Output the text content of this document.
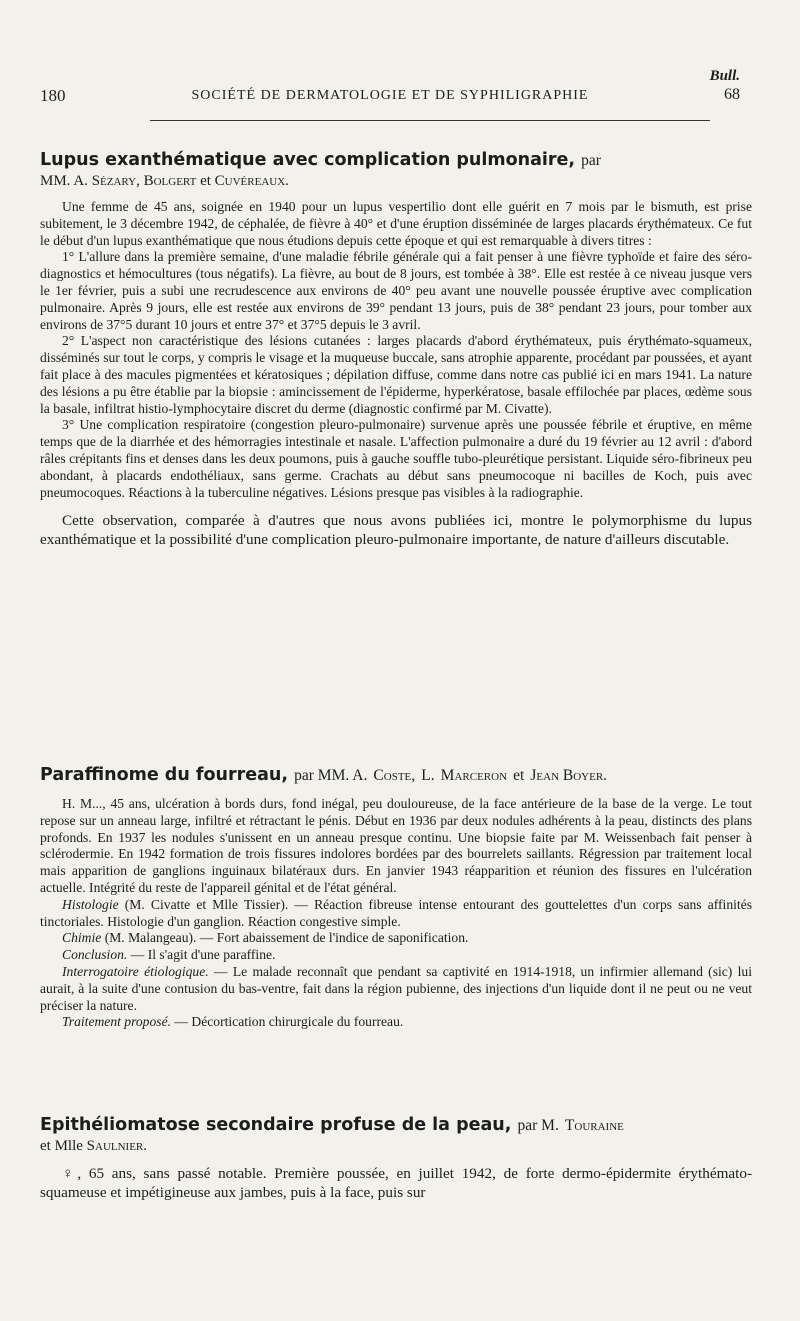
Bull.
180	SOCIÉTÉ DE DERMATOLOGIE ET DE SYPHILIGRAPHIE	68

Lupus exanthématique avec complication pulmonaire, par

MM. A. Sézary, Bolgert et Cuvéreaux.

Une femme de 45 ans, soignée en 1940 pour un lupus vespertilio dont elle guérit en 7 mois par le bismuth, est prise subitement, le 3 décembre 1942, de céphalée, de fièvre à 40° et d'une éruption disséminée de larges placards érythémateux. Ce fut le début d'un lupus exanthématique que nous étudions depuis cette époque et qui est remarquable à divers titres :

1° L'allure dans la première semaine, d'une maladie fébrile générale qui a fait penser à une fièvre typhoïde et faire des séro-diagnostics et hémocultures (tous négatifs). La fièvre, au bout de 8 jours, est tombée à 38°. Elle est restée à ce niveau jusque vers le 1er février, puis a subi une recrudescence aux environs de 40° peu avant une nouvelle poussée éruptive avec complication pulmonaire. Après 9 jours, elle est restée aux environs de 39° pendant 13 jours, puis de 38° pendant 23 jours, pour tomber aux environs de 37°5 durant 10 jours et entre 37° et 37°5 depuis le 3 avril.

2° L'aspect non caractéristique des lésions cutanées : larges placards d'abord érythémateux, puis érythémato-squameux, disséminés sur tout le corps, y compris le visage et la muqueuse buccale, sans atrophie apparente, procédant par poussées, et ayant fait place à des macules pigmentées et kératosiques ; dépilation diffuse, comme dans notre cas publié ici en mars 1941. La nature des lésions a pu être établie par la biopsie : amincissement de l'épiderme, hyperkératose, basale effilochée par places, œdème sous la basale, infiltrat histio-lymphocytaire discret du derme (diagnostic confirmé par M. Civatte).

3° Une complication respiratoire (congestion pleuro-pulmonaire) survenue après une poussée fébrile et éruptive, en même temps que de la diarrhée et des hémorragies intestinale et nasale. L'affection pulmonaire a duré du 19 février au 12 avril : d'abord râles crépitants fins et denses dans les deux poumons, puis à gauche souffle tubo-pleurétique persistant. Liquide séro-fibrineux peu abondant, à placards endothéliaux, sans germe. Crachats au début sans pneumocoque ni bacilles de Koch, puis avec pneumocoques. Réactions à la tuberculine négatives. Lésions presque pas visibles à la radiographie.

Cette observation, comparée à d'autres que nous avons publiées ici, montre le polymorphisme du lupus exanthématique et la possibilité d'une complication pleuro-pulmonaire importante, de nature d'ailleurs discutable.

Paraffinome du fourreau, par MM. A. Coste, L. Marceron et Jean Boyer.

H. M..., 45 ans, ulcération à bords durs, fond inégal, peu douloureuse, de la face antérieure de la base de la verge. Le tout repose sur un anneau large, infiltré et rétractant le pénis. Début en 1936 par deux nodules adhérents à la peau, distincts des plans profonds. En 1937 les nodules s'unissent en un anneau presque continu. Une biopsie faite par M. Weissenbach fait penser à sclérodermie. En 1942 formation de trois fissures indolores bordées par des bourrelets saillants. Régression par traitement local mais apparition de ganglions inguinaux bilatéraux durs. En janvier 1943 réapparition et réunion des fissures en l'ulcération actuelle. Intégrité du reste de l'appareil génital et de l'état général.

Histologie (M. Civatte et Mlle Tissier). — Réaction fibreuse intense entourant des gouttelettes d'un corps sans affinités tinctoriales. Histologie d'un ganglion. Réaction congestive simple.

Chimie (M. Malangeau). — Fort abaissement de l'indice de saponification.

Conclusion. — Il s'agit d'une paraffine.

Interrogatoire étiologique. — Le malade reconnaît que pendant sa captivité en 1914-1918, un infirmier allemand (sic) lui aurait, à la suite d'une contusion du bas-ventre, fait dans la région pubienne, des injections d'un liquide dont il ne peut ou ne veut préciser la nature.

Traitement proposé. — Décortication chirurgicale du fourreau.

Epithéliomatose secondaire profuse de la peau, par M. Touraine

et Mlle Saulnier.

♀, 65 ans, sans passé notable. Première poussée, en juillet 1942, de forte dermo-épidermite érythémato-squameuse et impétigineuse aux jambes, puis à la face, puis sur
